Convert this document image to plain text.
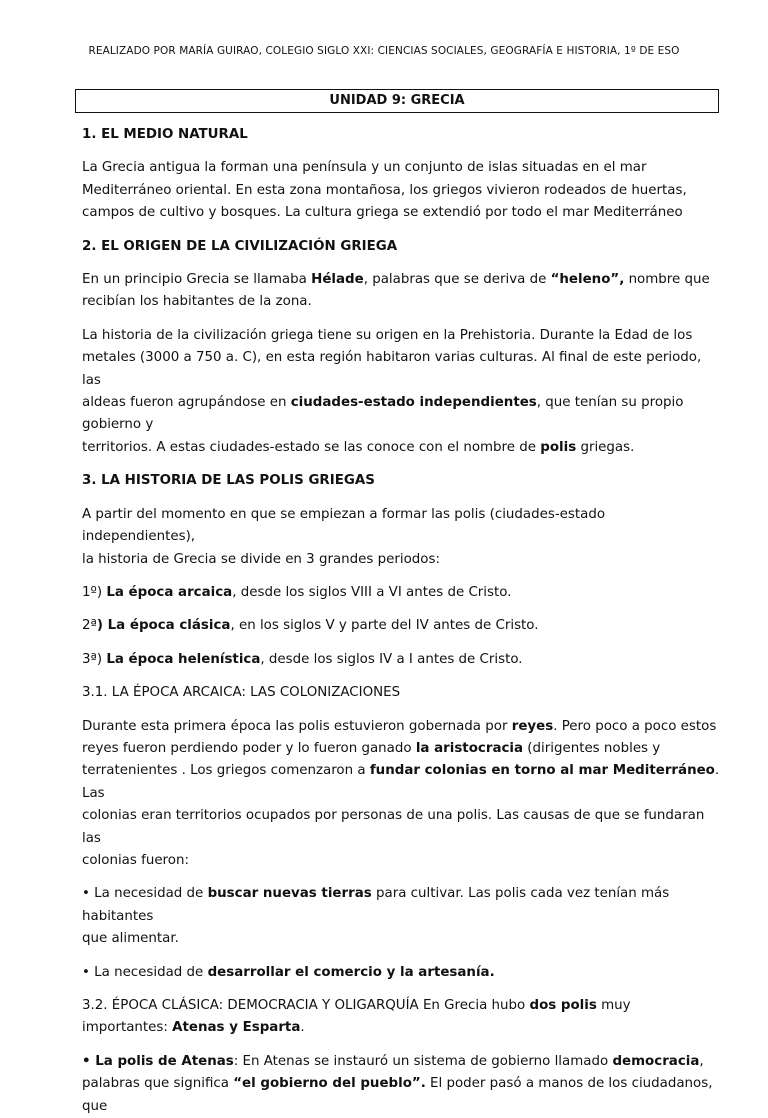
REALIZADO POR MARÍA GUIRAO, COLEGIO SIGLO XXI: CIENCIAS SOCIALES, GEOGRAFÍA E HISTORIA, 1º DE ESO
UNIDAD 9: GRECIA

1. EL MEDIO NATURAL

La Grecia antigua la forman una península y un conjunto de islas situadas en el mar

Mediterráneo oriental. En esta zona montañosa, los griegos vivieron rodeados de huertas,

campos de cultivo y bosques. La cultura griega se extendió por todo el mar Mediterráneo

2. EL ORIGEN DE LA CIVILIZACIÓN GRIEGA

En un principio Grecia se llamaba Hélade, palabras que se deriva de “heleno”, nombre que

recibían los habitantes de la zona.

La historia de la civilización griega tiene su origen en la Prehistoria. Durante la Edad de los

metales (3000 a 750 a. C), en esta región habitaron varias culturas. Al final de este periodo, las

aldeas fueron agrupándose en ciudades-estado independientes, que tenían su propio gobierno y

territorios. A estas ciudades-estado se las conoce con el nombre de polis griegas.

3. LA HISTORIA DE LAS POLIS GRIEGAS

A partir del momento en que se empiezan a formar las polis (ciudades-estado independientes),

la historia de Grecia se divide en 3 grandes periodos:

1º) La época arcaica, desde los siglos VIII a VI antes de Cristo.

2ª) La época clásica, en los siglos V y parte del IV antes de Cristo.

3ª) La época helenística, desde los siglos IV a I antes de Cristo.

3.1. LA ÉPOCA ARCAICA: LAS COLONIZACIONES

Durante esta primera época las polis estuvieron gobernada por reyes. Pero poco a poco estos

reyes fueron perdiendo poder y lo fueron ganado la aristocracia (dirigentes nobles y

terratenientes . Los griegos comenzaron a fundar colonias en torno al mar Mediterráneo. Las

colonias eran territorios ocupados por personas de una polis. Las causas de que se fundaran las

colonias fueron:

• La necesidad de buscar nuevas tierras para cultivar. Las polis cada vez tenían más habitantes

que alimentar.

• La necesidad de desarrollar el comercio y la artesanía.

3.2. ÉPOCA CLÁSICA: DEMOCRACIA Y OLIGARQUÍA En Grecia hubo dos polis muy

importantes: Atenas y Esparta.

• La polis de Atenas: En Atenas se instauró un sistema de gobierno llamado democracia,

palabras que significa “el gobierno del pueblo”. El poder pasó a manos de los ciudadanos, que
